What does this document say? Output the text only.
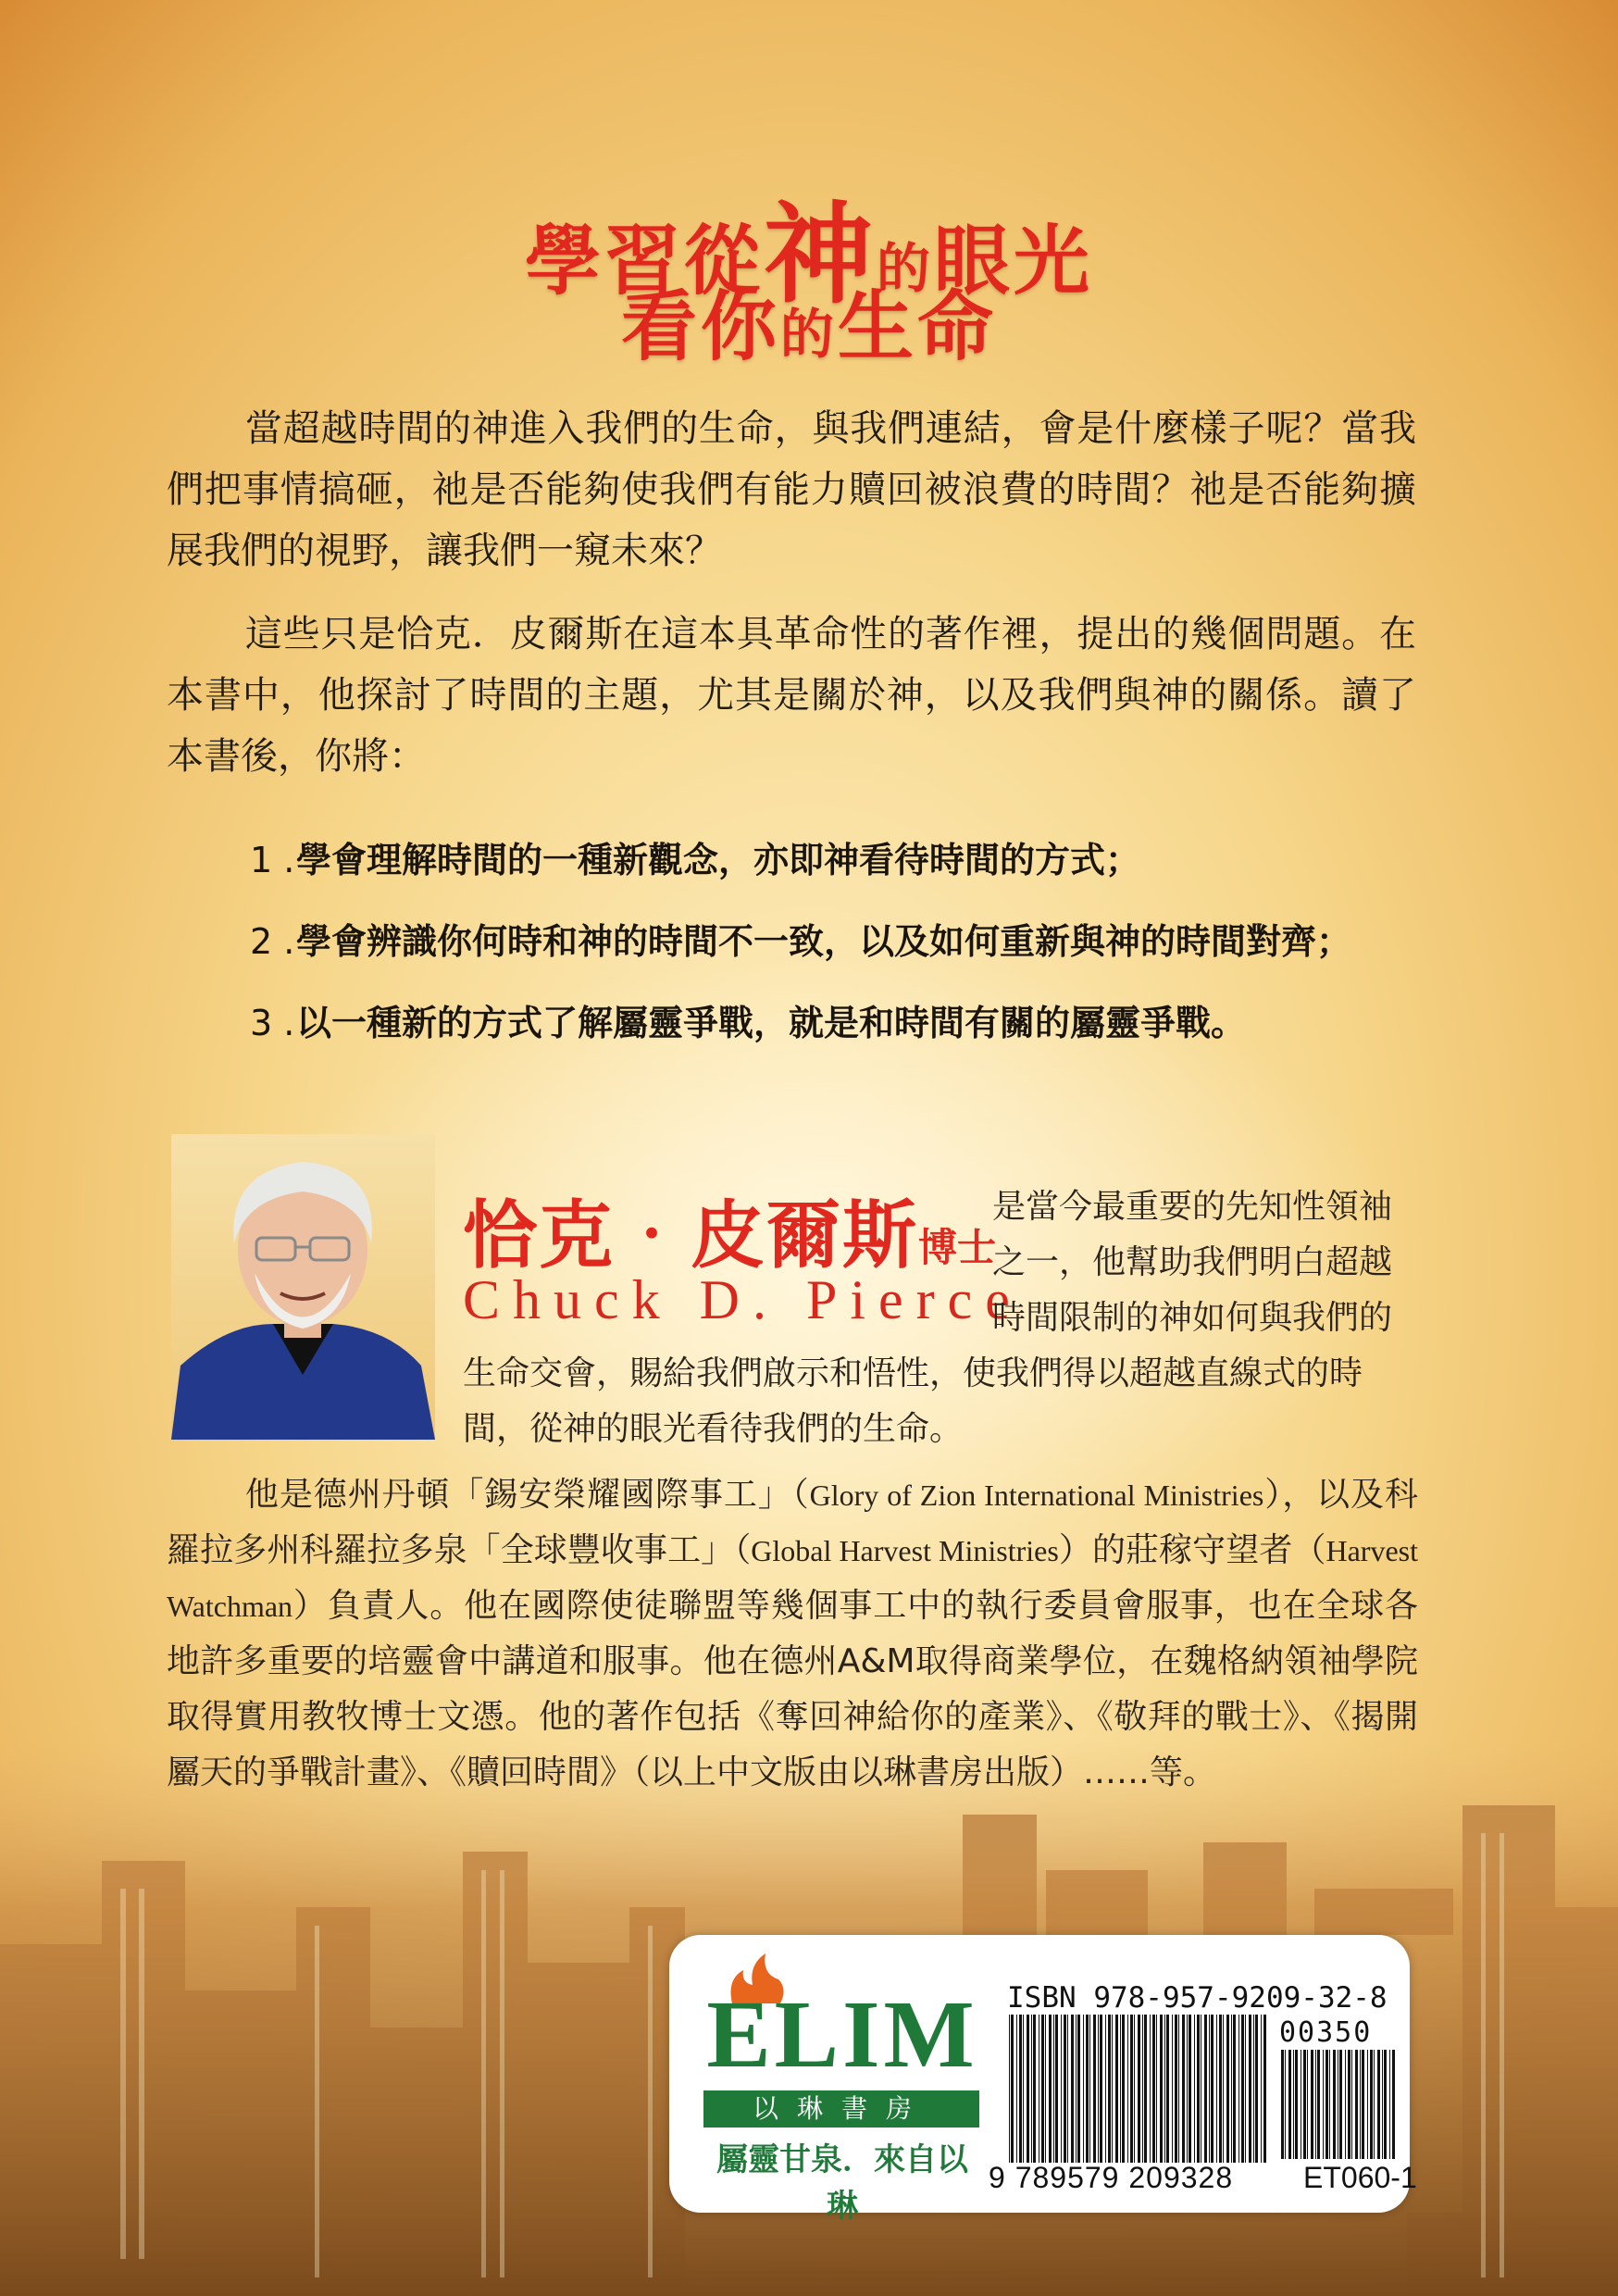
學習從神的眼光
看你的生命
當超越時間的神進入我們的生命，與我們連結，會是什麼樣子呢？當我們把事情搞砸，祂是否能夠使我們有能力贖回被浪費的時間？祂是否能夠擴展我們的視野，讓我們一窺未來？
這些只是恰克．皮爾斯在這本具革命性的著作裡，提出的幾個問題。在本書中，他探討了時間的主題，尤其是關於神，以及我們與神的關係。讀了本書後，你將：
1 .學會理解時間的一種新觀念，亦即神看待時間的方式；
2 .學會辨識你何時和神的時間不一致，以及如何重新與神的時間對齊；
3 .以一種新的方式了解屬靈爭戰，就是和時間有關的屬靈爭戰。
恰克‧皮爾斯博士
Chuck D. Pierce
是當今最重要的先知性領袖之一，他幫助我們明白超越時間限制的神如何與我們的
生命交會，賜給我們啟示和悟性，使我們得以超越直線式的時間，從神的眼光看待我們的生命。
他是德州丹頓「錫安榮耀國際事工」（Glory of Zion International Ministries），以及科羅拉多州科羅拉多泉「全球豐收事工」（Global Harvest Ministries）的莊稼守望者（Harvest Watchman）負責人。他在國際使徒聯盟等幾個事工中的執行委員會服事，也在全球各地許多重要的培靈會中講道和服事。他在德州A&M取得商業學位，在魏格納領袖學院取得實用教牧博士文憑。他的著作包括《奪回神給你的產業》、《敬拜的戰士》、《揭開屬天的爭戰計畫》、《贖回時間》（以上中文版由以琳書房出版）……等。
ELIM
以琳書房
屬靈甘泉．來自以琳
ISBN 978-957-9209-32-8
00350
9 789579 209328 ET060-1
